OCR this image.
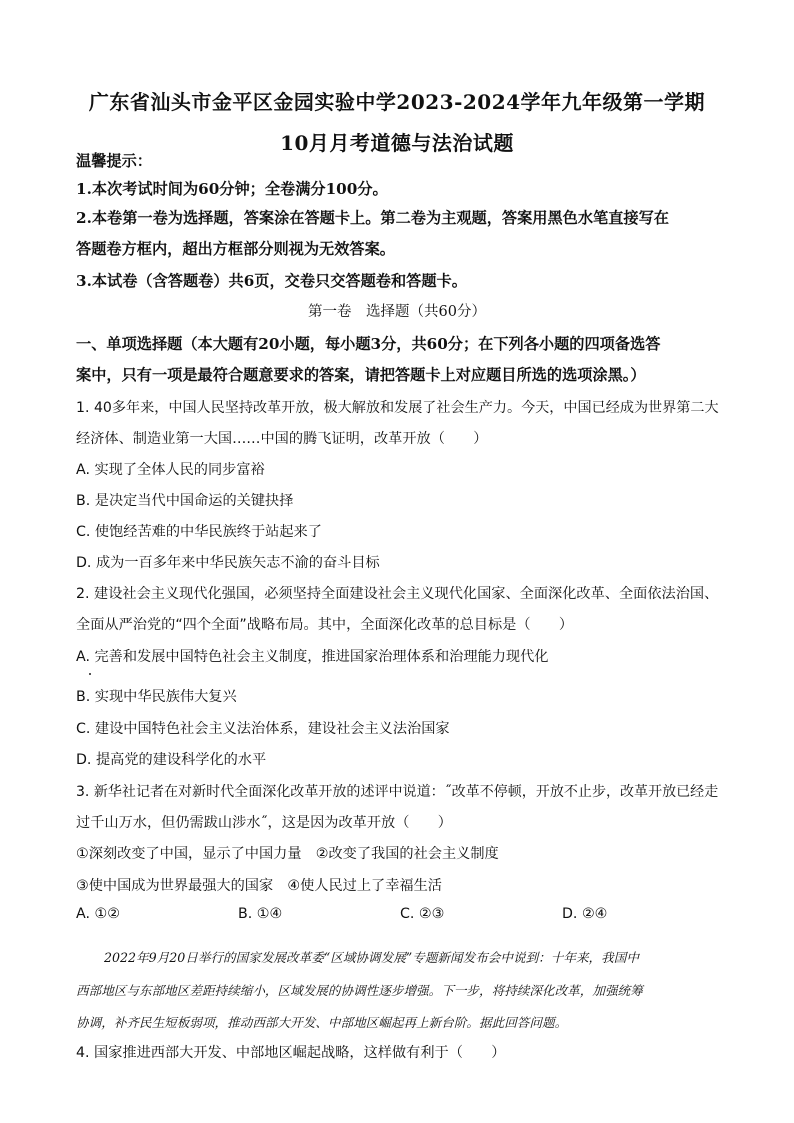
广东省汕头市金平区金园实验中学2023-2024学年九年级第一学期
10月月考道德与法治试题
温馨提示：
1.本次考试时间为60分钟；全卷满分100分。
2.本卷第一卷为选择题，答案涂在答题卡上。第二卷为主观题，答案用黑色水笔直接写在
答题卷方框内，超出方框部分则视为无效答案。
3.本试卷（含答题卷）共6页，交卷只交答题卷和答题卡。
第一卷　选择题（共60分）
一、单项选择题（本大题有20小题，每小题3分，共60分；在下列各小题的四项备选答
案中，只有一项是最符合题意要求的答案，请把答题卡上对应题目所选的选项涂黑。）
1. 40多年来，中国人民坚持改革开放，极大解放和发展了社会生产力。今天，中国已经成为世界第二大
经济体、制造业第一大国……中国的腾飞证明，改革开放（　　）
A. 实现了全体人民的同步富裕
B. 是决定当代中国命运的关键抉择
C. 使饱经苦难的中华民族终于站起来了
D. 成为一百多年来中华民族矢志不渝的奋斗目标
2. 建设社会主义现代化强国，必须坚持全面建设社会主义现代化国家、全面深化改革、全面依法治国、
全面从严治党的“四个全面”战略布局。其中，全面深化改革的总目标是（　　）
A. 完善和发展中国特色社会主义制度，推进国家治理体系和治理能力现代化
B. 实现中华民族伟大复兴
C. 建设中国特色社会主义法治体系，建设社会主义法治国家
D. 提高党的建设科学化的水平
3. 新华社记者在对新时代全面深化改革开放的述评中说道：˝改革不停顿，开放不止步，改革开放已经走
过千山万水，但仍需跋山涉水˝，这是因为改革开放（　　）
①深刻改变了中国，显示了中国力量　②改变了我国的社会主义制度
③使中国成为世界最强大的国家　④使人民过上了幸福生活
A. ①②	B. ①④	C. ②③	D. ②④
2022年9月20日举行的国家发展改革委“区域协调发展”专题新闻发布会中说到：十年来，我国中
西部地区与东部地区差距持续缩小，区域发展的协调性逐步增强。下一步，将持续深化改革，加强统筹
协调，补齐民生短板弱项，推动西部大开发、中部地区崛起再上新台阶。据此回答问题。
4. 国家推进西部大开发、中部地区崛起战略，这样做有利于（　　）
